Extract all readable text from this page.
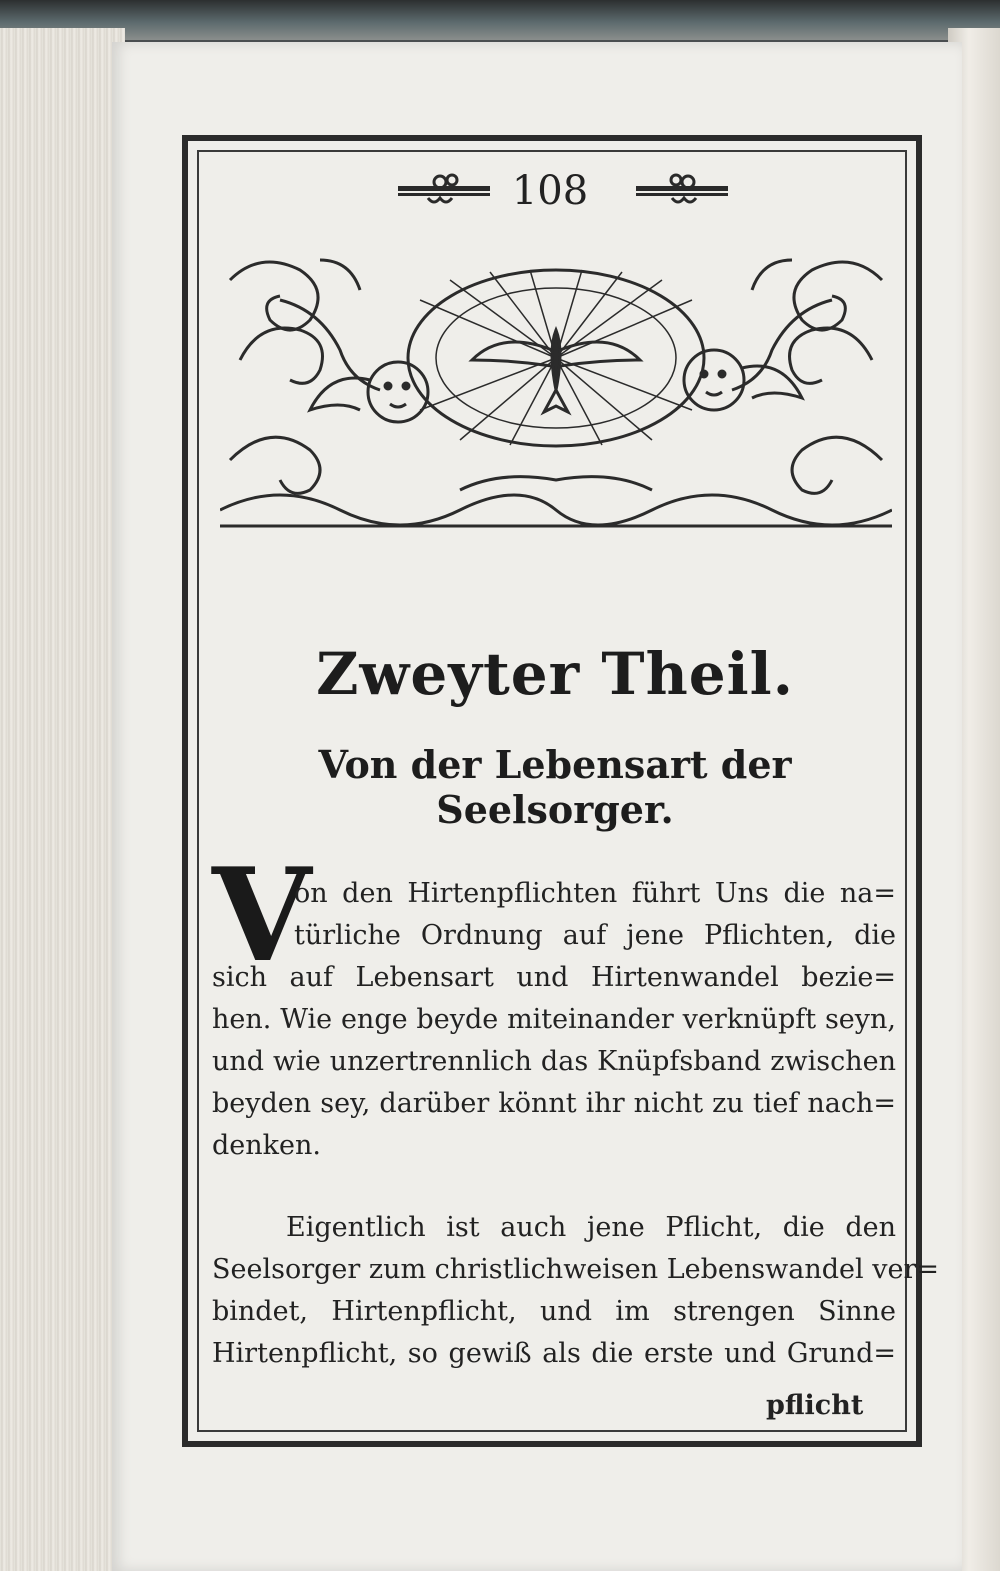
108
Zweyter Theil.
Von der Lebensart der Seelsorger.
V
on den Hirtenpflichten führt Uns die na=
türliche Ordnung auf jene Pflichten, die
sich auf Lebensart und Hirtenwandel bezie=
hen. Wie enge beyde miteinander verknüpft seyn,
und wie unzertrennlich das Knüpfsband zwischen
beyden sey, darüber könnt ihr nicht zu tief nach=
denken.
Eigentlich ist auch jene Pflicht, die den
Seelsorger zum christlichweisen Lebenswandel ver=
bindet, Hirtenpflicht, und im strengen Sinne
Hirtenpflicht, so gewiß als die erste und Grund=
pflicht
